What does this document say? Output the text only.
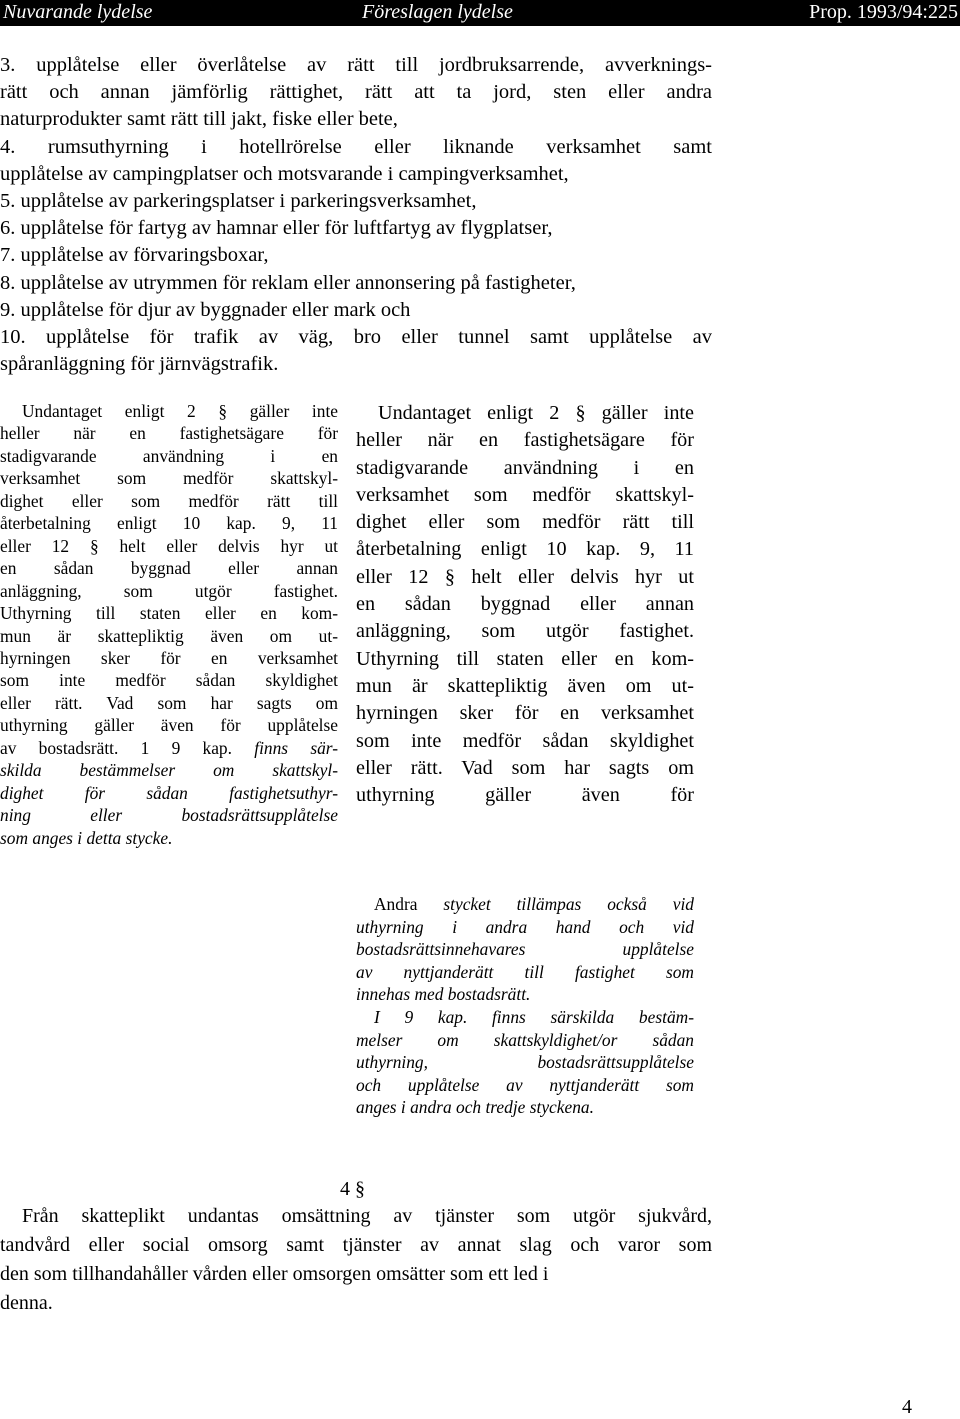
Nuvarande lydelse	Föreslagen lydelse	Prop. 1993/94:225
3. upplåtelse eller överlåtelse av rätt till jordbruksarrende, avverknings-
rätt och annan jämförlig rättighet, rätt att ta jord, sten eller andra
naturprodukter samt rätt till jakt, fiske eller bete,
4. rumsuthyrning i hotellrörelse eller liknande verksamhet samt
upplåtelse av campingplatser och motsvarande i campingverksamhet,
5. upplåtelse av parkeringsplatser i parkeringsverksamhet,
6. upplåtelse för fartyg av hamnar eller för luftfartyg av flygplatser,
7. upplåtelse av förvaringsboxar,
8. upplåtelse av utrymmen för reklam eller annonsering på fastigheter,
9. upplåtelse för djur av byggnader eller mark och
10. upplåtelse för trafik av väg, bro eller tunnel samt upplåtelse av
spåranläggning för järnvägstrafik.
Undantaget enligt 2 § gäller inte
heller när en fastighetsägare för
stadigvarande användning i en
verksamhet som medför skattskyl-
dighet eller som medför rätt till
återbetalning enligt 10 kap. 9, 11
eller 12 § helt eller delvis hyr ut
en sådan byggnad eller annan
anläggning, som utgör fastighet.
Uthyrning till staten eller en kom-
mun är skattepliktig även om ut-
hyrningen sker för en verksamhet
som inte medför sådan skyldighet
eller rätt. Vad som har sagts om
uthyrning gäller även för upplåtelse
av bostadsrätt. 1 9 kap. finns sär-
skilda bestämmelser om skattskyl-
dighet för sådan fastighetsuthyr-
ning eller bostadsrättsupplåtelse
som anges i detta stycke.
Undantaget enligt 2 § gäller inte
heller när en fastighetsägare för
stadigvarande användning i en
verksamhet som medför skattskyl-
dighet eller som medför rätt till
återbetalning enligt 10 kap. 9, 11
eller 12 § helt eller delvis hyr ut
en sådan byggnad eller annan
anläggning, som utgör fastighet.
Uthyrning till staten eller en kom-
mun är skattepliktig även om ut-
hyrningen sker för en verksamhet
som inte medför sådan skyldighet
eller rätt. Vad som har sagts om
uthyrning gäller även för
Andra stycket tillämpas också vid
uthyrning i andra hand och vid
bostadsrättsinnehavares upplåtelse
av nyttjanderätt till fastighet som
innehas med bostadsrätt.
I 9 kap. finns särskilda bestäm-
melser om skattskyldighet/or sådan
uthyrning, bostadsrättsupplåtelse
och upplåtelse av nyttjanderätt som
anges i andra och tredje styckena.
4 §
Från skatteplikt undantas omsättning av tjänster som utgör sjukvård,
tandvård eller social omsorg samt tjänster av annat slag och varor som
den som tillhandahåller vården eller omsorgen omsätter som ett led i
denna.
4
